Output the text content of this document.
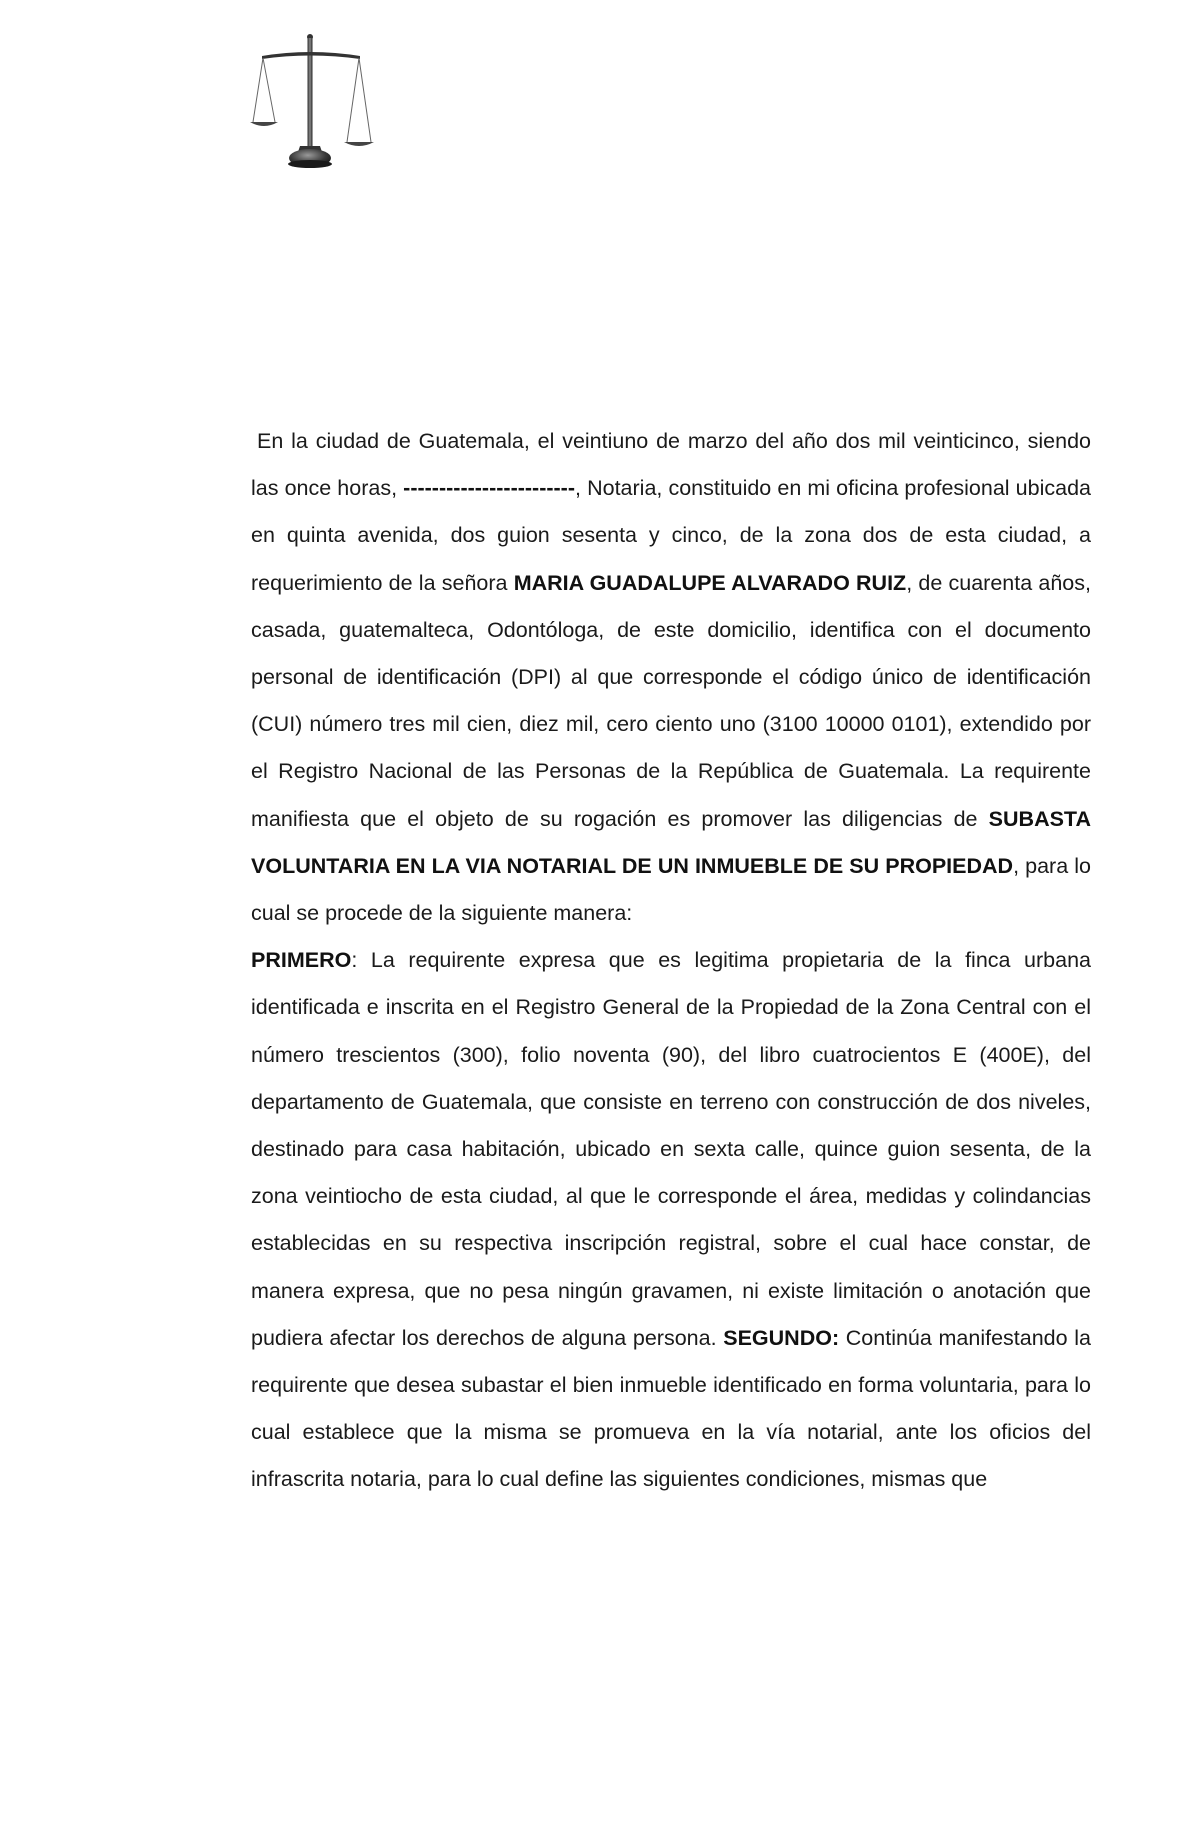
En la ciudad de Guatemala, el veintiuno de marzo del año dos mil veinticinco, siendo las once horas, ------------------------, Notaria, constituido en mi oficina profesional ubicada en quinta avenida, dos guion sesenta y cinco, de la zona dos de esta ciudad, a requerimiento de la señora MARIA GUADALUPE ALVARADO RUIZ, de cuarenta años, casada, guatemalteca, Odontóloga, de este domicilio, identifica con el documento personal de identificación (DPI) al que corresponde el código único de identificación (CUI) número tres mil cien, diez mil, cero ciento uno (3100 10000 0101), extendido por el Registro Nacional de las Personas de la República de Guatemala. La requirente manifiesta que el objeto de su rogación es promover las diligencias de SUBASTA VOLUNTARIA EN LA VIA NOTARIAL DE UN INMUEBLE DE SU PROPIEDAD, para lo cual se procede de la siguiente manera:

PRIMERO: La requirente expresa que es legitima propietaria de la finca urbana identificada e inscrita en el Registro General de la Propiedad de la Zona Central con el número trescientos (300), folio noventa (90), del libro cuatrocientos E (400E), del departamento de Guatemala, que consiste en terreno con construcción de dos niveles, destinado para casa habitación, ubicado en sexta calle, quince guion sesenta, de la zona veintiocho de esta ciudad, al que le corresponde el área, medidas y colindancias establecidas en su respectiva inscripción registral, sobre el cual hace constar, de manera expresa, que no pesa ningún gravamen, ni existe limitación o anotación que pudiera afectar los derechos de alguna persona. SEGUNDO: Continúa manifestando la requirente que desea subastar el bien inmueble identificado en forma voluntaria, para lo cual establece que la misma se promueva en la vía notarial, ante los oficios del infrascrita notaria, para lo cual define las siguientes condiciones, mismas que
